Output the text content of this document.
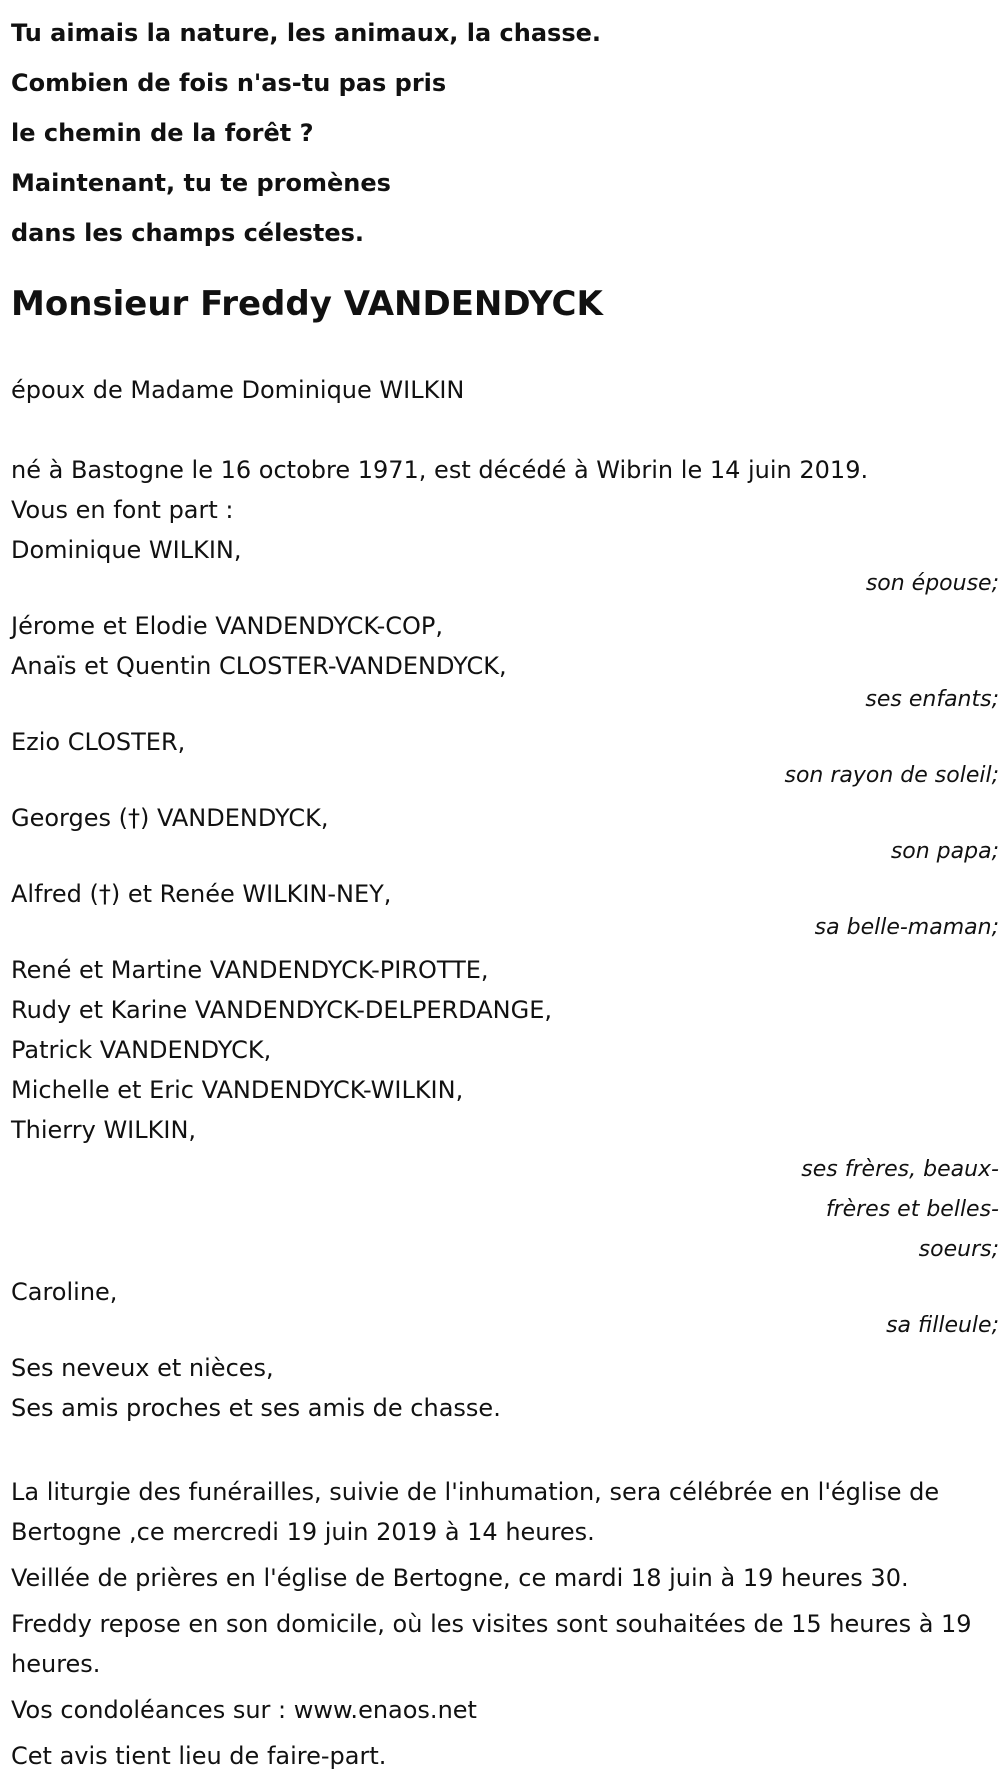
Tu aimais la nature, les animaux, la chasse.
Combien de fois n'as-tu pas pris
le chemin de la forêt ?
Maintenant, tu te promènes
dans les champs célestes.
Monsieur Freddy VANDENDYCK
époux de Madame Dominique WILKIN
né à Bastogne le 16 octobre 1971, est décédé à Wibrin le 14 juin 2019.
Vous en font part :
Dominique WILKIN,
son épouse;
Jérome et Elodie VANDENDYCK-COP,
Anaïs et Quentin CLOSTER-VANDENDYCK,
ses enfants;
Ezio CLOSTER,
son rayon de soleil;
Georges (†) VANDENDYCK,
son papa;
Alfred (†) et Renée WILKIN-NEY,
sa belle-maman;
René et Martine VANDENDYCK-PIROTTE,
Rudy et Karine VANDENDYCK-DELPERDANGE,
Patrick VANDENDYCK,
Michelle et Eric VANDENDYCK-WILKIN,
Thierry WILKIN,
ses frères, beaux-frères et belles-soeurs;
Caroline,
sa filleule;
Ses neveux et nièces,
Ses amis proches et ses amis de chasse.
La liturgie des funérailles, suivie de l'inhumation, sera célébrée en l'église de Bertogne ,ce mercredi 19 juin 2019 à 14 heures.
Veillée de prières en l'église de Bertogne, ce mardi 18 juin à 19 heures 30.
Freddy repose en son domicile, où les visites sont souhaitées de 15 heures à 19 heures.
Vos condoléances sur : www.enaos.net
Cet avis tient lieu de faire-part.
